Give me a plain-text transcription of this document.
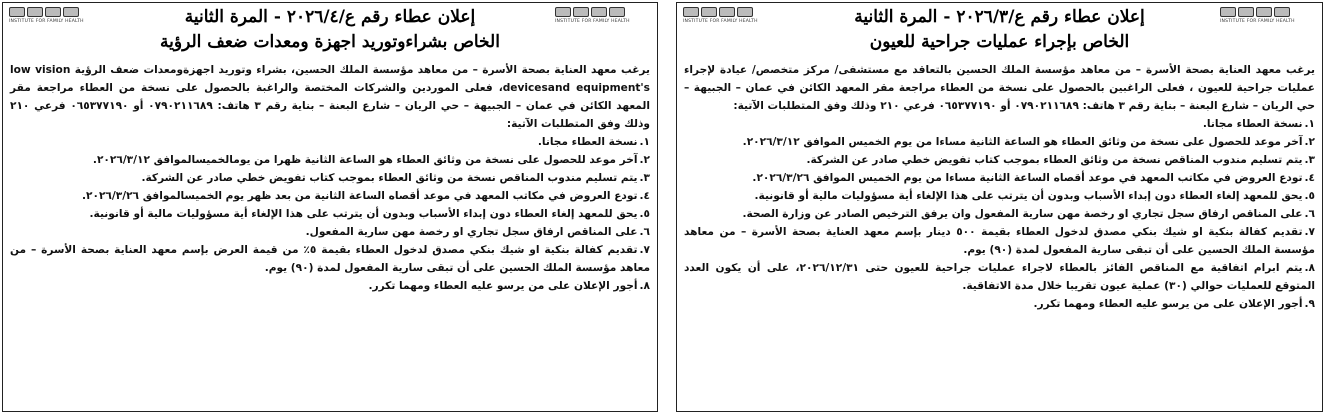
INSTITUTE FOR FAMILY HEALTH
INSTITUTE FOR FAMILY HEALTH	إعلان عطاء رقم ع/٢٠٢٦/٤ - المرة الثانية
الخاص بشراءوتوريد اجهزة ومعدات ضعف الرؤية

يرغب معهد العناية بصحة الأسرة – من معاهد مؤسسة الملك الحسين، بشراء وتوريد اجهزةومعدات ضعف الرؤية low vision devicesand equipment's، فعلى الموردين والشركات المختصة والراغبة بالحصول على نسخة من العطاء مراجعة مقر المعهد الكائن في عمان – الجبيهة – حي الريان – شارع البعنة – بناية رقم ٣ هاتف: ٠٧٩٠٢١١٦٨٩ أو ٠٦٥٣٧٧١٩٠ فرعي ٢١٠ وذلك وفق المتطلبات الآتية:

١.نسخة العطاء مجانا.
٢.آخر موعد للحصول على نسخة من وثائق العطاء هو الساعة الثانية ظهرا من يومالخميسالموافق ٢٠٢٦/٣/١٢.
٣.يتم تسليم مندوب المناقص نسخة من وثائق العطاء بموجب كتاب تفويض خطي صادر عن الشركة.
٤.تودع العروض في مكاتب المعهد في موعد أقصاه الساعة الثانية من بعد ظهر يوم الخميسالموافق ٢٠٢٦/٣/٢٦.
٥.يحق للمعهد إلغاء العطاء دون إبداء الأسباب وبدون أن يترتب على هذا الإلغاء أية مسؤوليات مالية أو قانونية.
٦.على المناقص ارفاق سجل تجاري او رخصة مهن سارية المفعول.
٧.تقديم كفالة بنكية او شيك بنكي مصدق لدخول العطاء بقيمة ٥٪ من قيمة العرض بإسم معهد العناية بصحة الأسرة – من معاهد مؤسسة الملك الحسين على أن تبقى سارية المفعول لمدة (٩٠) يوم.
٨.أجور الإعلان على من يرسو عليه العطاء ومهما تكرر.
INSTITUTE FOR FAMILY HEALTH
INSTITUTE FOR FAMILY HEALTH	إعلان عطاء رقم ع/٢٠٢٦/٣ - المرة الثانية
الخاص بإجراء عمليات جراحية للعيون

يرغب معهد العناية بصحة الأسرة – من معاهد مؤسسة الملك الحسين بالتعاقد مع مستشفى/ مركز متخصص/ عيادة لإجراء عمليات جراحية للعيون ، فعلى الراغبين بالحصول على نسخة من العطاء مراجعة مقر المعهد الكائن في عمان – الجبيهة – حي الريان – شارع البعنة – بناية رقم ٣ هاتف: ٠٧٩٠٢١١٦٨٩ أو ٠٦٥٣٧٧١٩٠ فرعي ٢١٠ وذلك وفق المتطلبات الآتية:

١.نسخة العطاء مجانا.
٢.آخر موعد للحصول على نسخة من وثائق العطاء هو الساعة الثانية مساءا من يوم الخميس الموافق ٢٠٢٦/٣/١٢.
٣.يتم تسليم مندوب المناقص نسخة من وثائق العطاء بموجب كتاب تفويض خطي صادر عن الشركة.
٤.تودع العروض في مكاتب المعهد في موعد أقصاه الساعة الثانية مساءا من يوم الخميس الموافق ٢٠٢٦/٣/٢٦.
٥.يحق للمعهد إلغاء العطاء دون إبداء الأسباب وبدون أن يترتب على هذا الإلغاء أية مسؤوليات مالية أو قانونية.
٦.على المناقص ارفاق سجل تجاري او رخصة مهن سارية المفعول وان يرفق الترخيص الصادر عن وزارة الصحة.
٧.تقديم كفالة بنكية او شيك بنكي مصدق لدخول العطاء بقيمة ٥٠٠ دينار بإسم معهد العناية بصحة الأسرة – من معاهد مؤسسة الملك الحسين على أن تبقى سارية المفعول لمدة (٩٠) يوم.
٨.يتم ابرام اتفاقية مع المناقص الفائز بالعطاء لاجراء عمليات جراحية للعيون حتى ٢٠٢٦/١٢/٣١، على أن يكون العدد المتوقع للعمليات حوالي (٣٠) عملية عيون تقريبا خلال مدة الاتفاقية.
٩.أجور الإعلان على من يرسو عليه العطاء ومهما تكرر.
